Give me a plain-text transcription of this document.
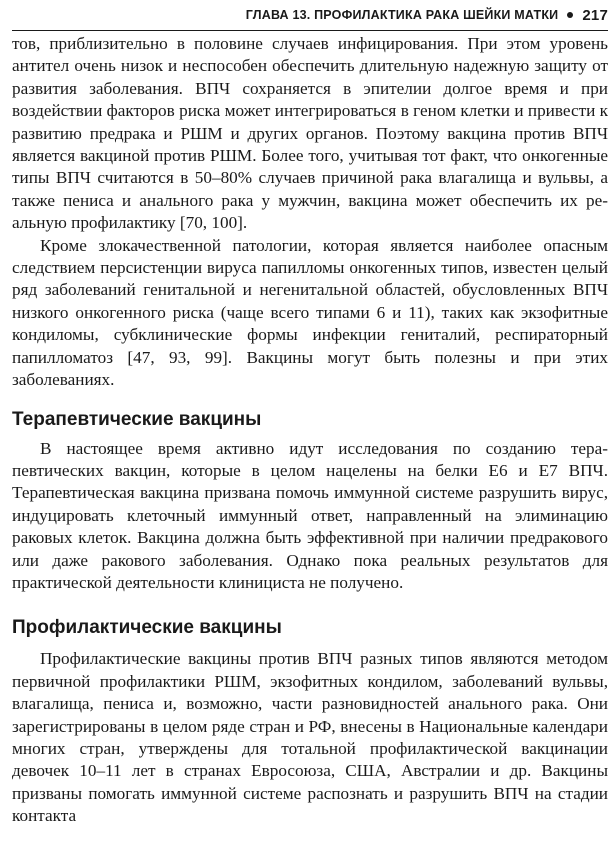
ГЛАВА 13. ПРОФИЛАКТИКА РАКА ШЕЙКИ МАТКИ 217

тов, приблизительно в половине случаев инфицирования. При этом уровень антител очень низок и неспособен обеспечить длительную надежную защиту от развития заболевания. ВПЧ сохраняется в эпителии долгое время и при воздействии факторов риска может интегрироваться в геном клетки и привести к развитию предрака и РШМ и других органов. Поэтому вакцина против ВПЧ является вакциной против РШМ. Более того, учитывая тот факт, что онкогенные типы ВПЧ считаются в 50–80% случаев причиной рака влагалища и вульвы, а также пениса и анального рака у мужчин, вакцина может обеспечить их реальную профилактику [70, 100].

Кроме злокачественной патологии, которая является наиболее опасным следствием персистенции вируса папилломы онкогенных типов, известен целый ряд заболеваний генитальной и негенитальной областей, обусловленных ВПЧ низкого онкогенного риска (чаще всего типами 6 и 11), таких как экзофитные кондиломы, субклинические формы инфекции гениталий, респираторный папилломатоз [47, 93, 99]. Вакцины могут быть полезны и при этих заболеваниях.

Терапевтические вакцины

В настоящее время активно идут исследования по созданию терапевтических вакцин, которые в целом нацелены на белки Е6 и Е7 ВПЧ. Терапевтическая вакцина призвана помочь иммунной системе разрушить вирус, индуцировать клеточный иммунный ответ, направленный на элиминацию раковых клеток. Вакцина должна быть эффективной при наличии предракового или даже ракового заболевания. Однако пока реальных результатов для практической деятельности клинициста не получено.

Профилактические вакцины

Профилактические вакцины против ВПЧ разных типов являются методом первичной профилактики РШМ, экзофитных кондилом, заболеваний вульвы, влагалища, пениса и, возможно, части разновидностей анального рака. Они зарегистрированы в целом ряде стран и РФ, внесены в Национальные календари многих стран, утверждены для тотальной профилактической вакцинации девочек 10–11 лет в странах Евросоюза, США, Австралии и др. Вакцины призваны помогать иммунной системе распознать и разрушить ВПЧ на стадии контакта
